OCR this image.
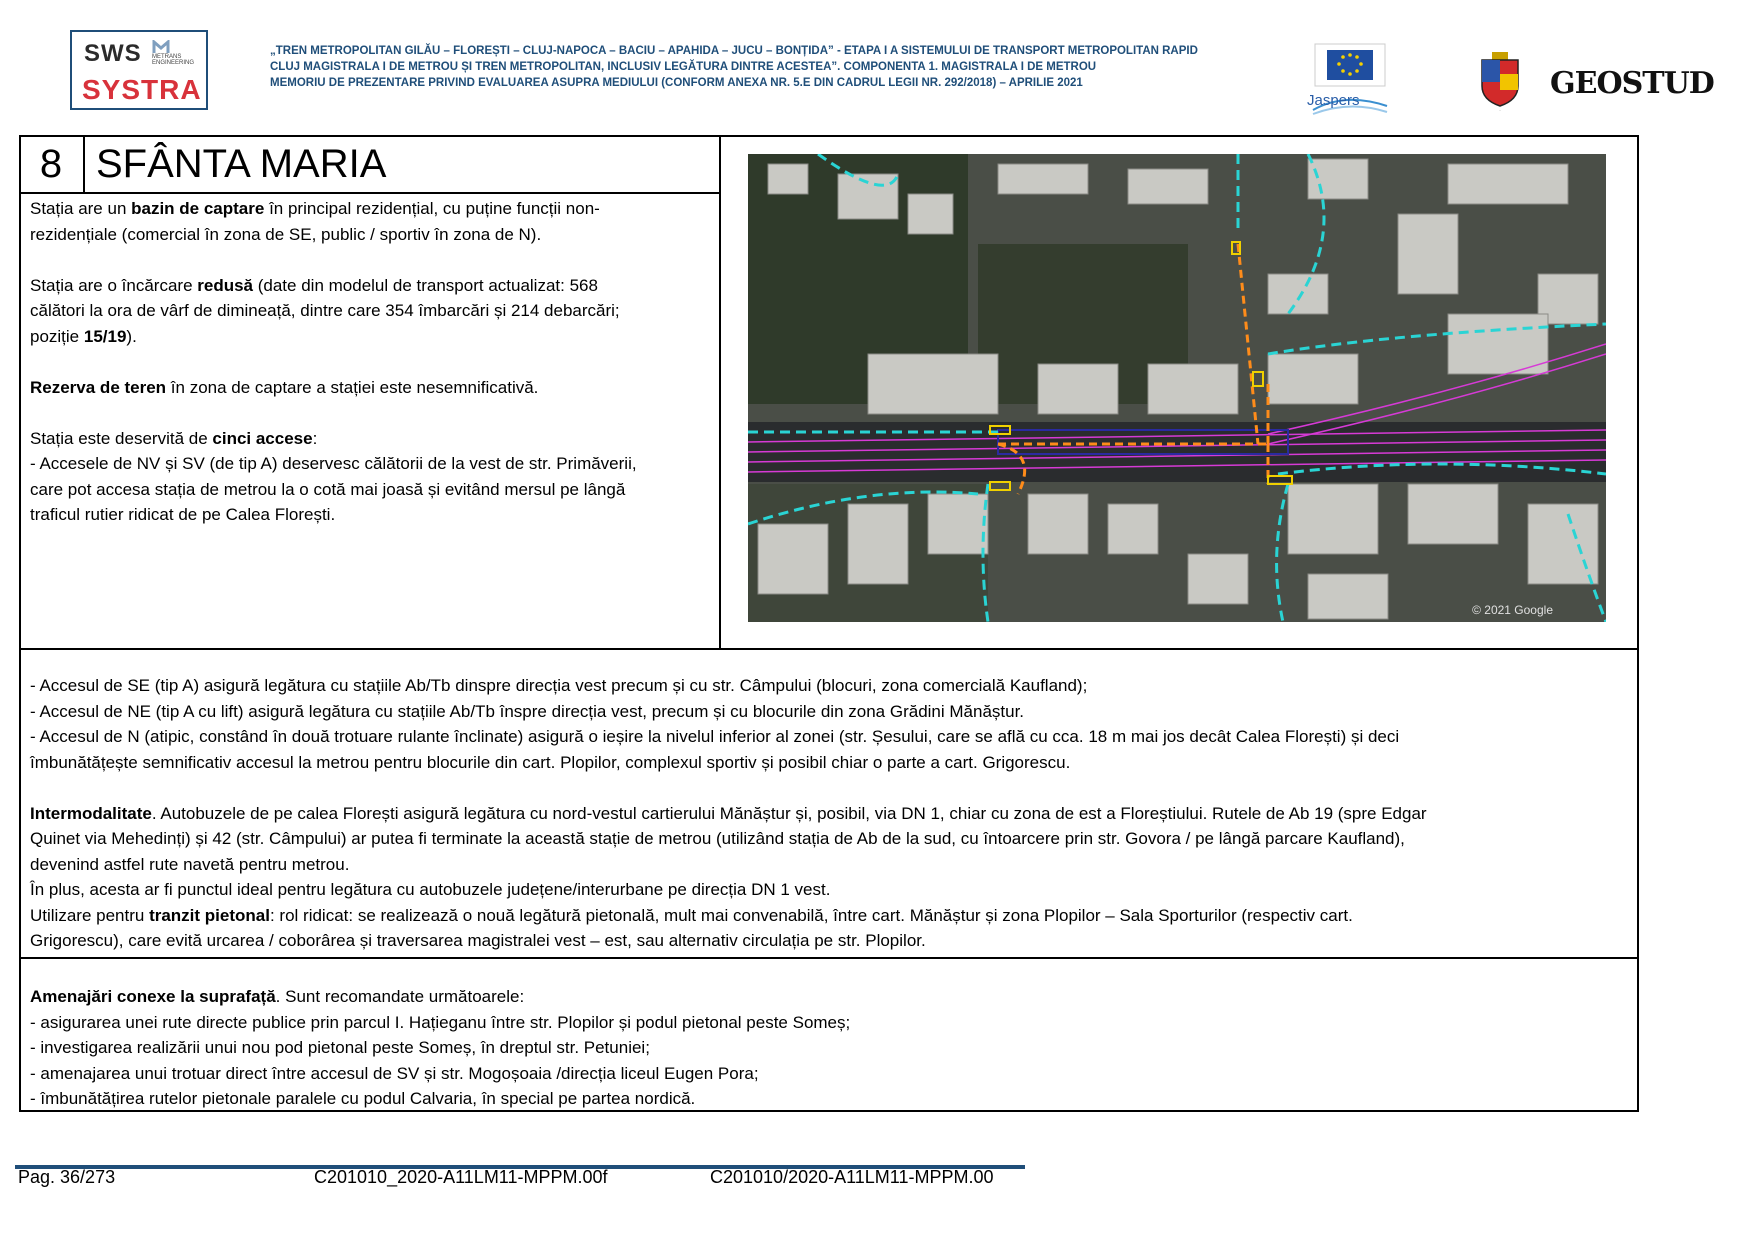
SWS METRANS ENGINEERING
SYSTRA
„TREN METROPOLITAN GILĂU – FLOREȘTI – CLUJ-NAPOCA – BACIU – APAHIDA – JUCU – BONȚIDA” - ETAPA I A SISTEMULUI DE TRANSPORT METROPOLITAN RAPID
CLUJ MAGISTRALA I DE METROU ȘI TREN METROPOLITAN, INCLUSIV LEGĂTURA DINTRE ACESTEA”. COMPONENTA 1. MAGISTRALA I DE METROU
MEMORIU DE PREZENTARE PRIVIND EVALUAREA ASUPRA MEDIULUI (CONFORM ANEXA NR. 5.E DIN CADRUL LEGII NR. 292/2018) – APRILIE 2021
Jaspers
.
GEOSTUD
8 SFÂNTA MARIA
Stația are un bazin de captare în principal rezidențial, cu puține funcții non-
rezidențiale (comercial în zona de SE, public / sportiv în zona de N).
Stația are o încărcare redusă (date din modelul de transport actualizat: 568
călători la ora de vârf de dimineață, dintre care 354 îmbarcări și 214 debarcări;
poziție 15/19).
Rezerva de teren în zona de captare a stației este nesemnificativă.
Stația este deservită de cinci accese:
- Accesele de NV și SV (de tip A) deservesc călătorii de la vest de str. Primăverii,
care pot accesa stația de metrou la o cotă mai joasă și evitând mersul pe lângă
traficul rutier ridicat de pe Calea Florești.
© 2021 Google
- Accesul de SE (tip A) asigură legătura cu stațiile Ab/Tb dinspre direcția vest precum și cu str. Câmpului (blocuri, zona comercială Kaufland);
- Accesul de NE (tip A cu lift) asigură legătura cu stațiile Ab/Tb înspre direcția vest, precum și cu blocurile din zona Grădini Mănăștur.
- Accesul de N (atipic, constând în două trotuare rulante înclinate) asigură o ieșire la nivelul inferior al zonei (str. Șesului, care se află cu cca. 18 m mai jos decât Calea Florești) și deci
îmbunătățește semnificativ accesul la metrou pentru blocurile din cart. Plopilor, complexul sportiv și posibil chiar o parte a cart. Grigorescu.
Intermodalitate. Autobuzele de pe calea Florești asigură legătura cu nord-vestul cartierului Mănăștur și, posibil, via DN 1, chiar cu zona de est a Floreștiului. Rutele de Ab 19 (spre Edgar
Quinet via Mehedinți) și 42 (str. Câmpului) ar putea fi terminate la această stație de metrou (utilizând stația de Ab de la sud, cu întoarcere prin str. Govora / pe lângă parcare Kaufland),
devenind astfel rute navetă pentru metrou.
În plus, acesta ar fi punctul ideal pentru legătura cu autobuzele județene/interurbane pe direcția DN 1 vest.
Utilizare pentru tranzit pietonal: rol ridicat: se realizează o nouă legătură pietonală, mult mai convenabilă, între cart. Mănăștur și zona Plopilor – Sala Sporturilor (respectiv cart.
Grigorescu), care evită urcarea / coborârea și traversarea magistralei vest – est, sau alternativ circulația pe str. Plopilor.
Amenajări conexe la suprafață. Sunt recomandate următoarele:
- asigurarea unei rute directe publice prin parcul I. Hațieganu între str. Plopilor și podul pietonal peste Someș;
- investigarea realizării unui nou pod pietonal peste Someș, în dreptul str. Petuniei;
- amenajarea unui trotuar direct între accesul de SV și str. Mogoșoaia /direcția liceul Eugen Pora;
- îmbunătățirea rutelor pietonale paralele cu podul Calvaria, în special pe partea nordică.
Pag. 36/273	C201010_2020-A11LM11-MPPM.00f	C201010/2020-A11LM11-MPPM.00
